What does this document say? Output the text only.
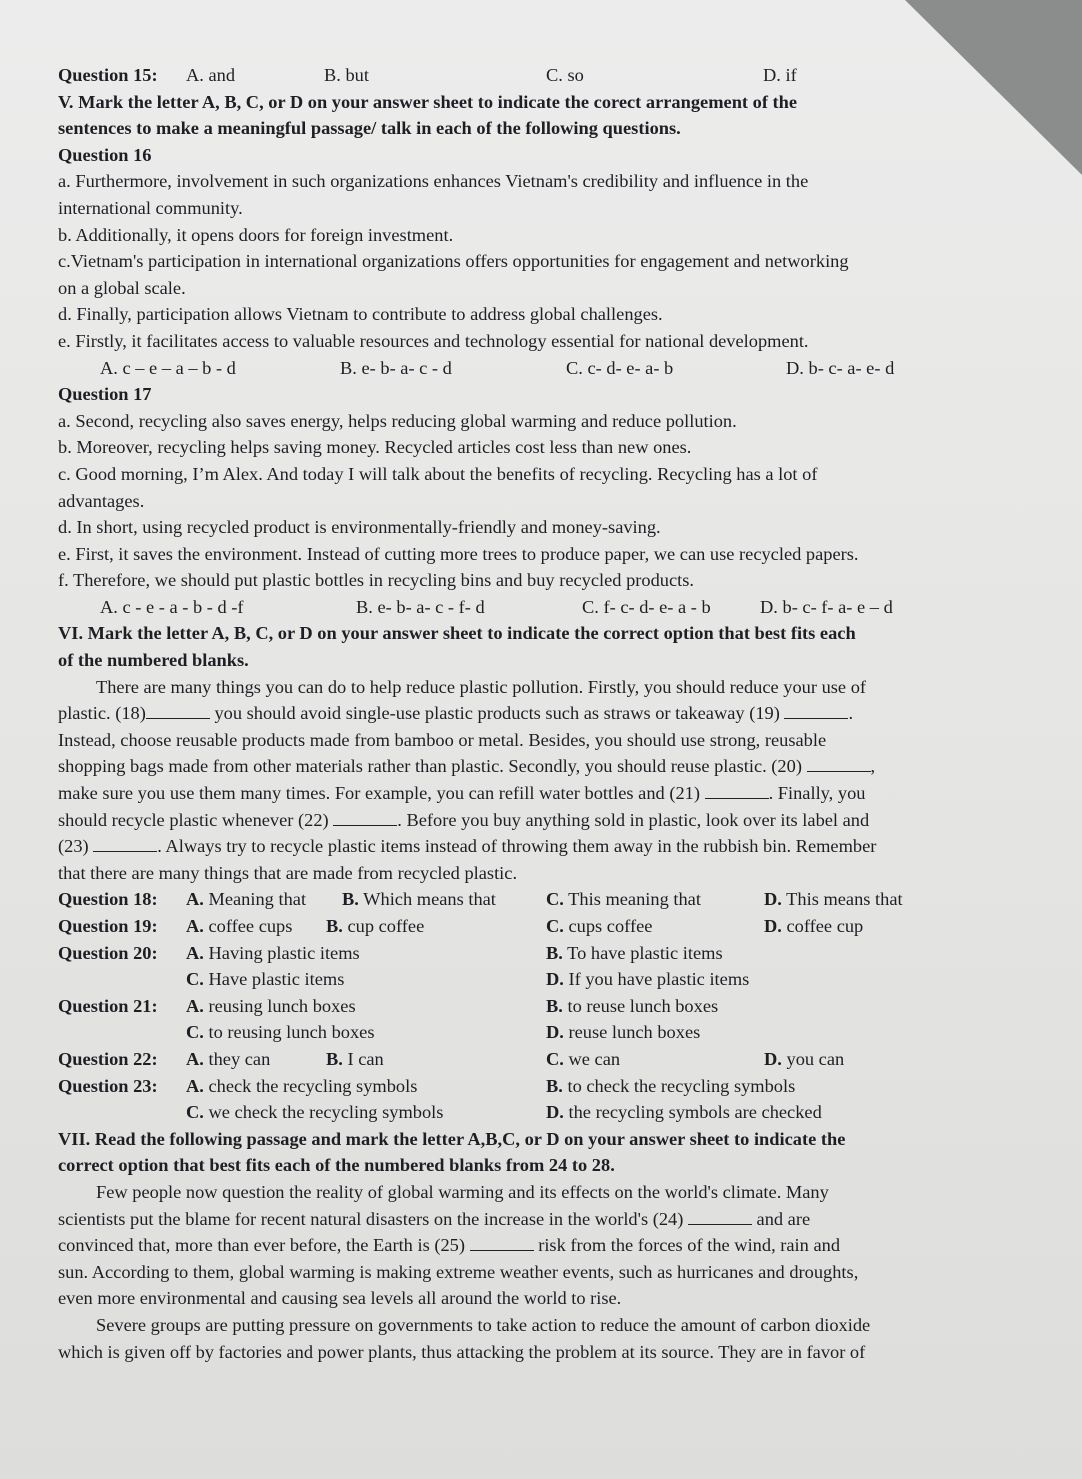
Question 15: A. and	B. but	C. so	D. if
V. Mark the letter A, B, C, or D on your answer sheet to indicate the corect arrangement of the
sentences to make a meaningful passage/ talk in each of the following questions.
Question 16
a. Furthermore, involvement in such organizations enhances Vietnam's credibility and influence in the
international community.
b. Additionally, it opens doors for foreign investment.
c.Vietnam's participation in international organizations offers opportunities for engagement and networking
on a global scale.
d. Finally, participation allows Vietnam to contribute to address global challenges.
e. Firstly, it facilitates access to valuable resources and technology essential for national development.
A. c – e – a – b - d	B. e- b- a- c - d	C. c- d- e- a- b	D. b- c- a- e- d
Question 17
a. Second, recycling also saves energy, helps reducing global warming and reduce pollution.
b. Moreover, recycling helps saving money. Recycled articles cost less than new ones.
c. Good morning, I’m Alex. And today I will talk about the benefits of recycling. Recycling has a lot of
advantages.
d. In short, using recycled product is environmentally-friendly and money-saving.
e. First, it saves the environment. Instead of cutting more trees to produce paper, we can use recycled papers.
f. Therefore, we should put plastic bottles in recycling bins and buy recycled products.
A. c - e - a - b - d -f	B. e- b- a- c - f- d	C. f- c- d- e- a - b	D. b- c- f- a- e – d
VI. Mark the letter A, B, C, or D on your answer sheet to indicate the correct option that best fits each
of the numbered blanks.
There are many things you can do to help reduce plastic pollution. Firstly, you should reduce your use of
plastic. (18)	you should avoid single-use plastic products such as straws or takeaway (19)	.
Instead, choose reusable products made from bamboo or metal. Besides, you should use strong, reusable
shopping bags made from other materials rather than plastic. Secondly, you should reuse plastic. (20)	,
make sure you use them many times. For example, you can refill water bottles and (21)	. Finally, you
should recycle plastic whenever (22)	. Before you buy anything sold in plastic, look over its label and
(23)	. Always try to recycle plastic items instead of throwing them away in the rubbish bin. Remember
that there are many things that are made from recycled plastic.
Question 18: A. Meaning that B. Which means that	C. This meaning that	D. This means that
Question 19: A. coffee cups B. cup coffee	C. cups coffee	D. coffee cup
Question 20: A. Having plastic items	B. To have plastic items
C. Have plastic items	D. If you have plastic items
Question 21: A. reusing lunch boxes	B. to reuse lunch boxes
C. to reusing lunch boxes	D. reuse lunch boxes
Question 22: A. they can	B. I can	C. we can	D. you can
Question 23: A. check the recycling symbols	B. to check the recycling symbols
C. we check the recycling symbols	D. the recycling symbols are checked
VII. Read the following passage and mark the letter A,B,C, or D on your answer sheet to indicate the
correct option that best fits each of the numbered blanks from 24 to 28.
Few people now question the reality of global warming and its effects on the world's climate. Many
scientists put the blame for recent natural disasters on the increase in the world's (24)	and are
convinced that, more than ever before, the Earth is (25)	risk from the forces of the wind, rain and
sun. According to them, global warming is making extreme weather events, such as hurricanes and droughts,
even more environmental and causing sea levels all around the world to rise.
Severe groups are putting pressure on governments to take action to reduce the amount of carbon dioxide
which is given off by factories and power plants, thus attacking the problem at its source. They are in favor of
